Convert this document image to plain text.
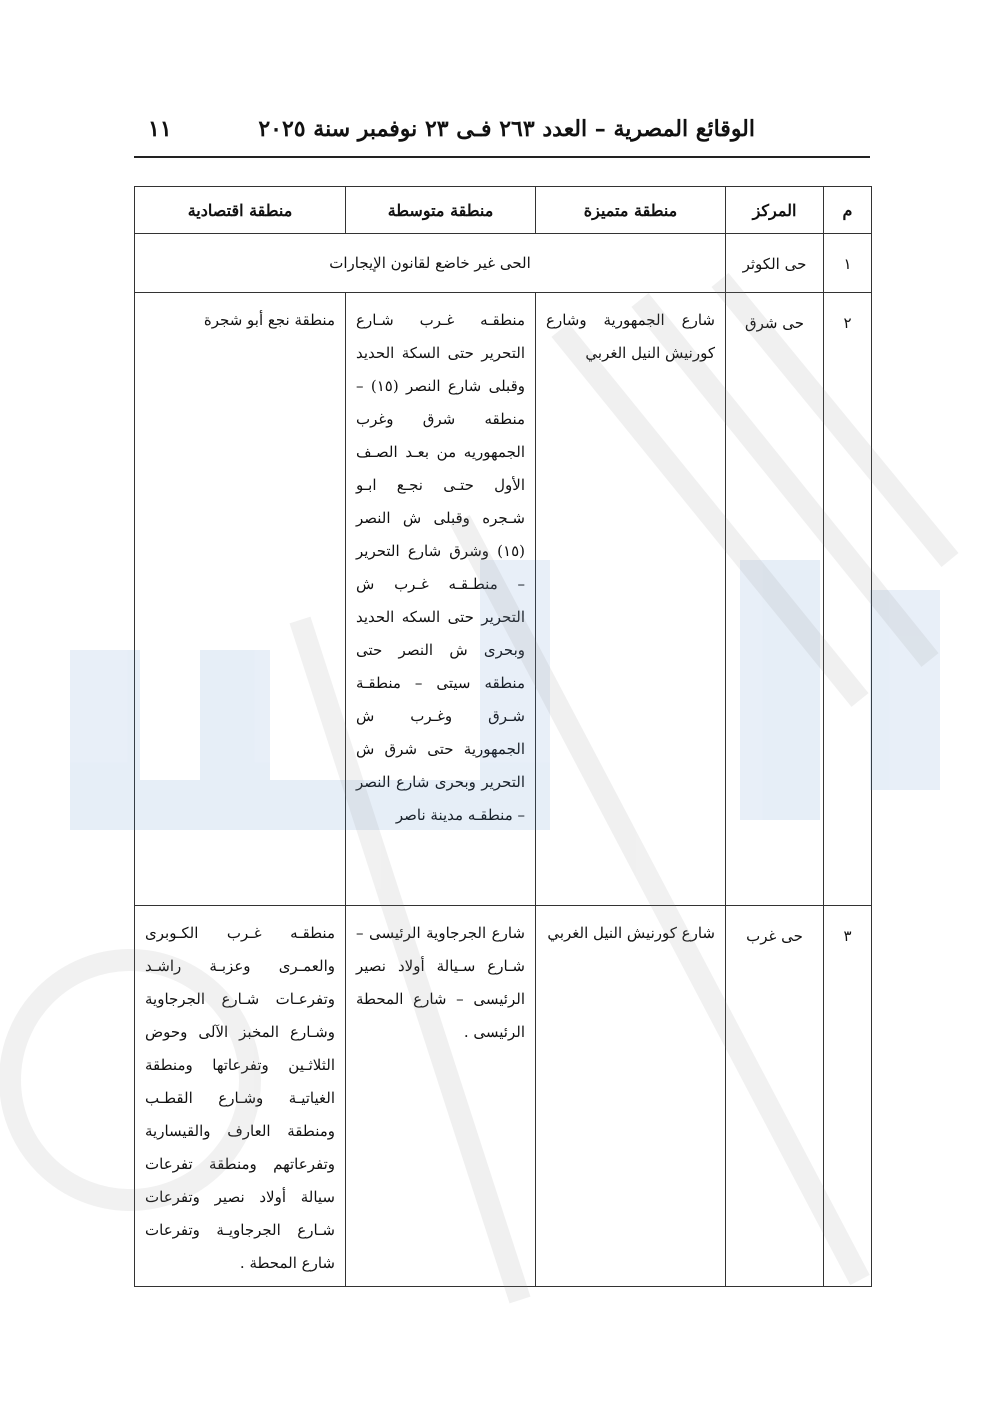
الوقائع المصرية – العدد ٢٦٣ فـى ٢٣ نوفمبر سنة ٢٠٢٥
١١
م	المركز	منطقة متميزة	منطقة متوسطة	منطقة اقتصادية
١	حى الكوثر	الحى غير خاضع لقانون الإيجارات		
٢	حى شرق	شارع الجمهورية وشارع كورنيش النيل الغربي	منطقـه غـرب شـارع التحرير حتى السكة الحديد وقبلى شارع النصر (١٥) – منطقه شرق وغرب الجمهوريه من بعـد الصـف الأول حتـى نجـع ابـو شـجره وقبلى ش النصر (١٥) وشرق شارع التحرير – منطـقـه غـرب ش التحرير حتى السكه الحديد وبحرى ش النصر حتى منطقه سيتى – منطقـة شـرق وغـرب ش الجمهورية حتى شرق ش التحرير وبحرى شارع النصر – منطقـه مدينة ناصر	منطقة نجع أبو شجرة
٣	حى غرب	شارع كورنيش النيل الغربي	شارع الجرجاوية الرئيسى – شـارع سـيالة أولاد نصير الرئيسى – شارع المحطة الرئيسى .	منطقـه غـرب الكـوبرى والعمـرى وعزبـة راشـد وتفرعـات شـارع الجرجاوية وشـارع المخبز الآلى وحوض الثلاثـين وتفرعاتها ومنطقة الغياتيـة وشـارع القطـب ومنطقة العارف والقيسارية وتفرعاتهم ومنطقة تفرعات سيالة أولاد نصير وتفرعات شـارع الجرجاويـة وتفرعات شارع المحطة .
